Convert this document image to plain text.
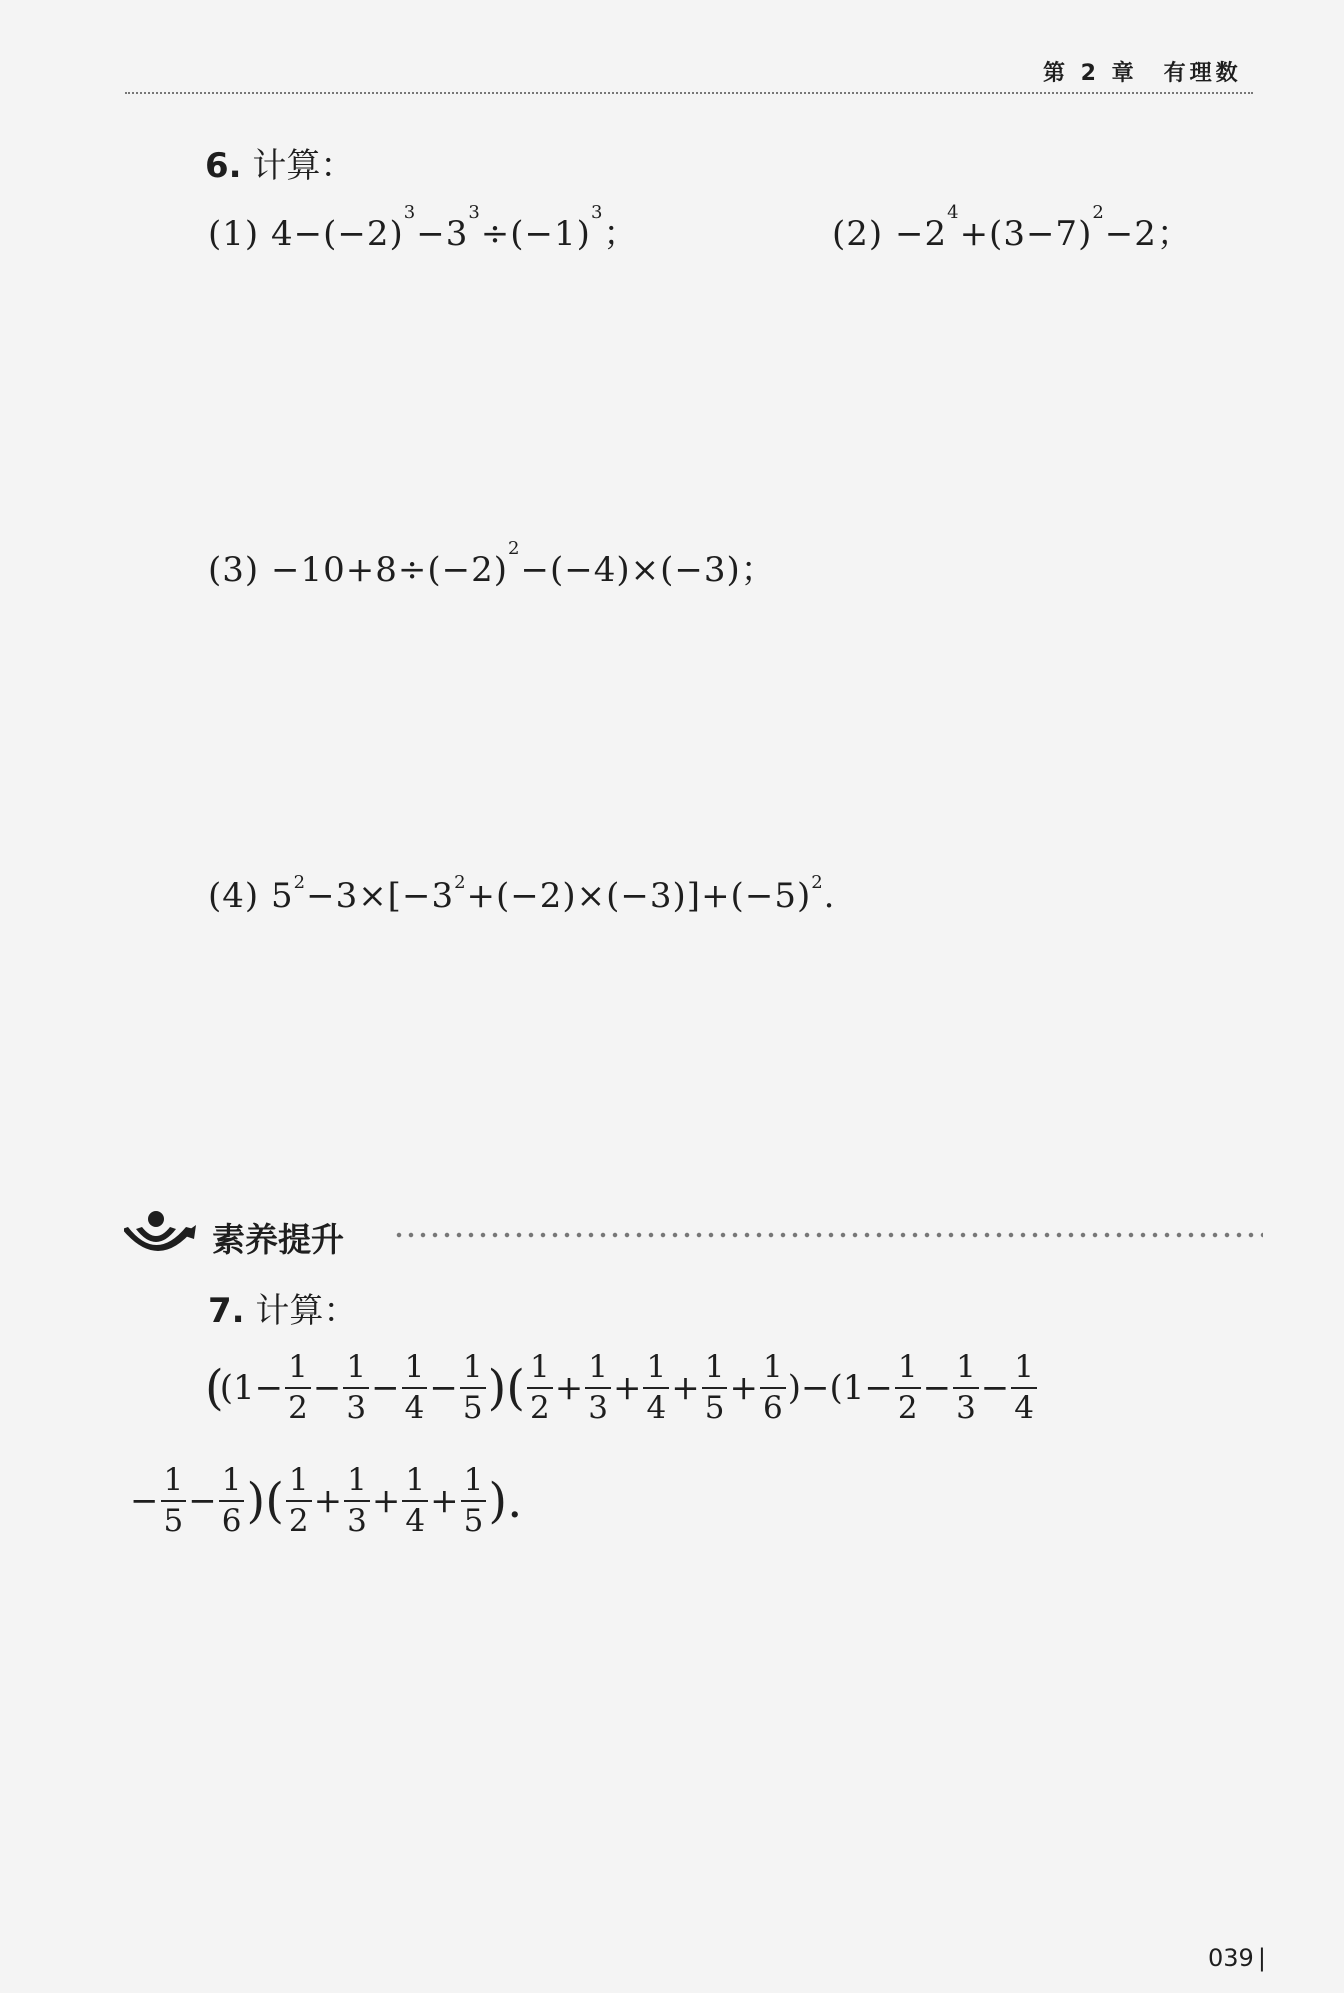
第 2 章　有理数
6. 计算：
(1) $4-(-2)^3-3^3\div(-1)^3$；	$(2) -2^4+(3-7)^2-2$；
$(3) -10+8\div(-2)^2-(-4)\times(-3)$；
(4) $5^2-3\times[-3^2+(-2)\times(-3)]+(-5)^2$.
素养提升
7. 计算：
(
($1- \frac{1}{2} - \frac{1}{3} - \frac{1}{4} - \frac{1}{5}$ )( $\frac{1}{2} + \frac{1}{3} + \frac{1}{4} + \frac{1}{5} + \frac{1}{6} )-(1- \frac{1}{2} - \frac{1}{3} - \frac{1}{4}$
− $\frac{1}{5} - \frac{1}{6}$ )( $\frac{1}{2} + \frac{1}{3} + \frac{1}{4} + \frac{1}{5}$ ).
039 |
